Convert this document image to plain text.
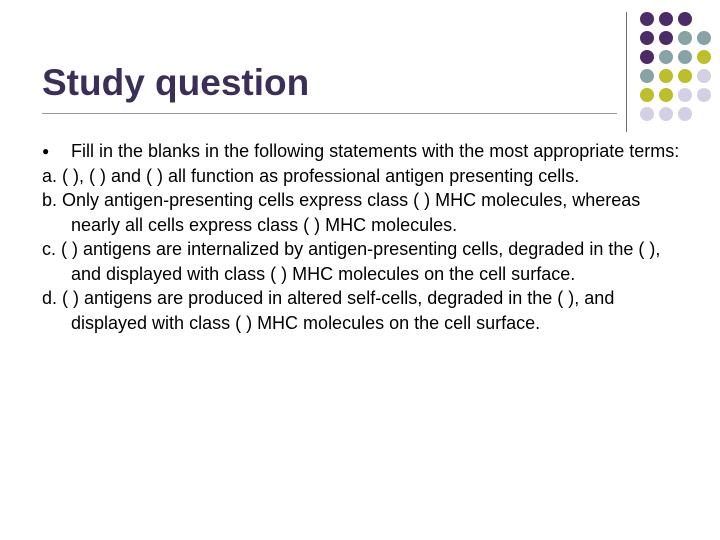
Study question

● Fill in the blanks in the following statements with the most appropriate terms:

a. ( ), ( ) and ( ) all function as professional antigen presenting cells.

b. Only antigen-presenting cells express class ( ) MHC molecules, whereas nearly all cells express class ( ) MHC molecules.

c. ( ) antigens are internalized by antigen-presenting cells, degraded in the ( ), and displayed with class ( ) MHC molecules on the cell surface.

d. ( ) antigens are produced in altered self-cells, degraded in the ( ), and displayed with class ( ) MHC molecules on the cell surface.
